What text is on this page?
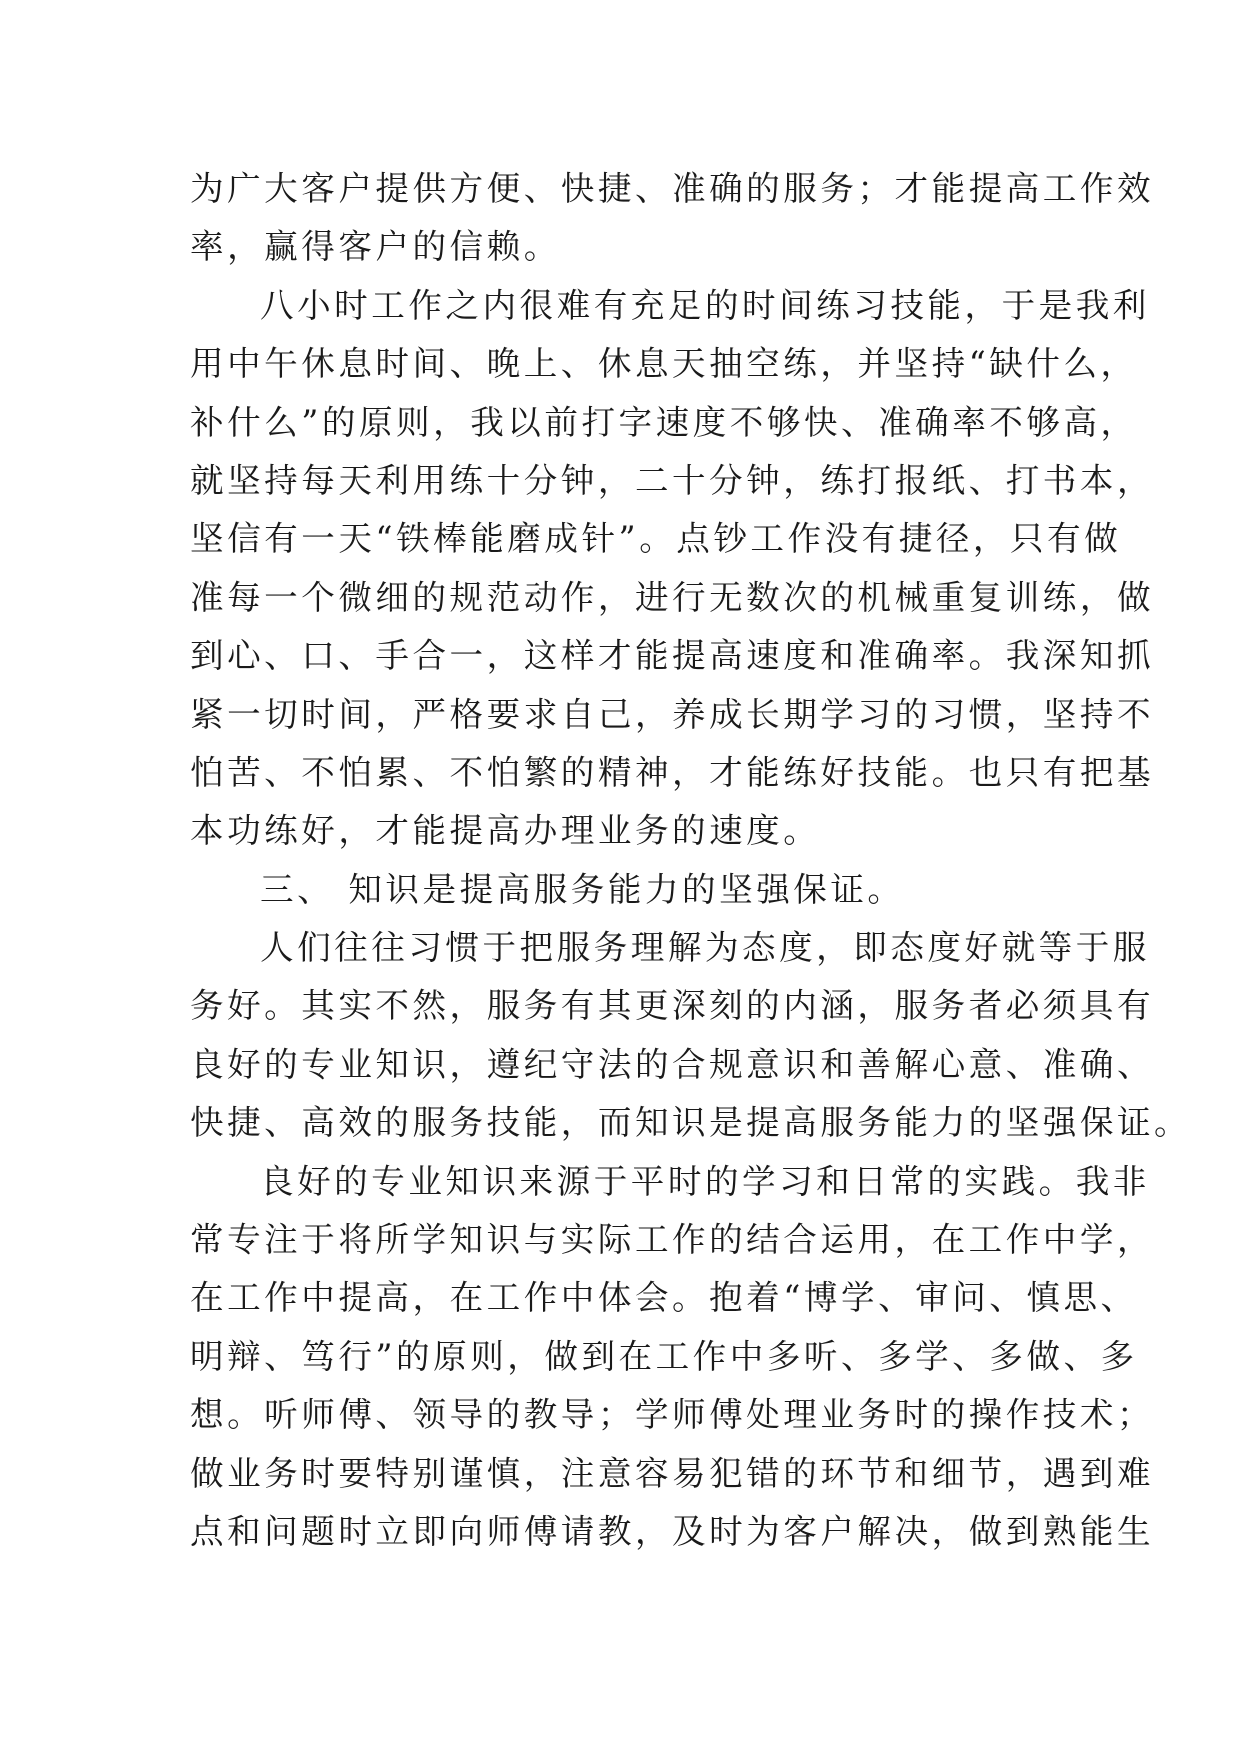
为广大客户提供方便、快捷、准确的服务；才能提高工作效
率，赢得客户的信赖。
八小时工作之内很难有充足的时间练习技能，于是我利
用中午休息时间、晚上、休息天抽空练，并坚持“缺什么，
补什么”的原则，我以前打字速度不够快、准确率不够高，
就坚持每天利用练十分钟，二十分钟，练打报纸、打书本，
坚信有一天“铁棒能磨成针”。点钞工作没有捷径，只有做
准每一个微细的规范动作，进行无数次的机械重复训练，做
到心、口、手合一，这样才能提高速度和准确率。我深知抓
紧一切时间，严格要求自己，养成长期学习的习惯，坚持不
怕苦、不怕累、不怕繁的精神，才能练好技能。也只有把基
本功练好，才能提高办理业务的速度。
三、 知识是提高服务能力的坚强保证。
人们往往习惯于把服务理解为态度，即态度好就等于服
务好。其实不然，服务有其更深刻的内涵，服务者必须具有
良好的专业知识，遵纪守法的合规意识和善解心意、准确、
快捷、高效的服务技能，而知识是提高服务能力的坚强保证。
良好的专业知识来源于平时的学习和日常的实践。我非
常专注于将所学知识与实际工作的结合运用，在工作中学，
在工作中提高，在工作中体会。抱着“博学、审问、慎思、
明辩、笃行”的原则，做到在工作中多听、多学、多做、多
想。听师傅、领导的教导；学师傅处理业务时的操作技术；
做业务时要特别谨慎，注意容易犯错的环节和细节，遇到难
点和问题时立即向师傅请教，及时为客户解决，做到熟能生
